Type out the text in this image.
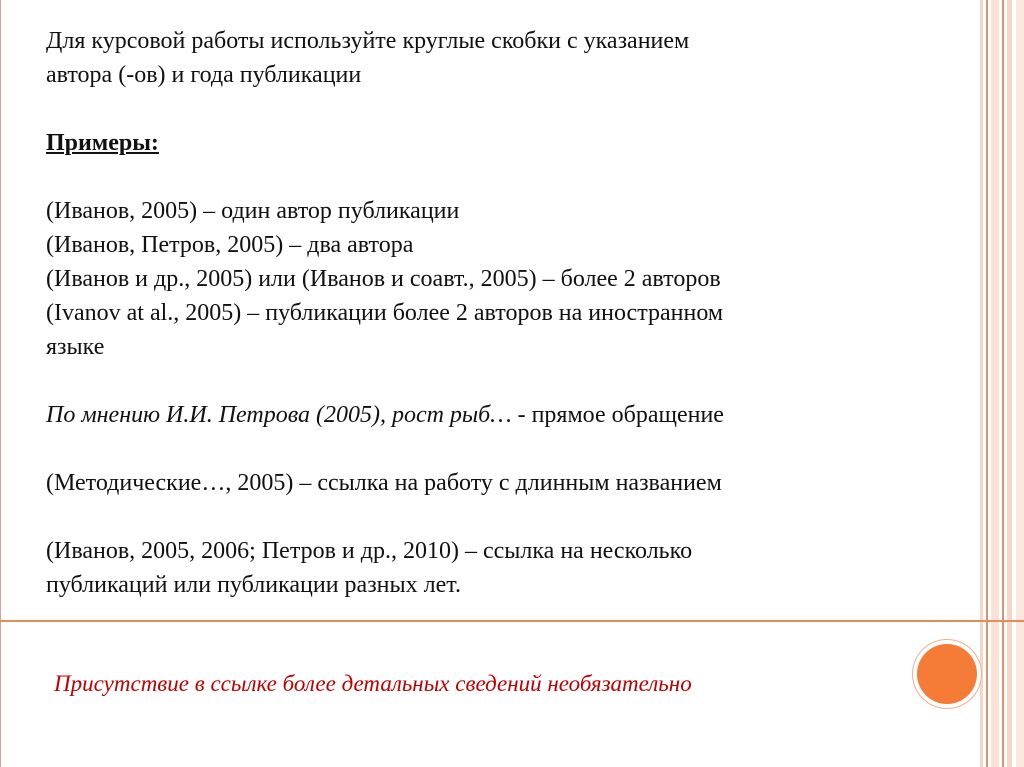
Для курсовой работы используйте круглые скобки с указанием

автора (-ов) и года публикации

Примеры:

(Иванов, 2005) – один автор публикации

(Иванов, Петров, 2005) – два автора

(Иванов и др., 2005) или (Иванов и соавт., 2005) – более 2 авторов

(Ivanov at al., 2005) – публикации более 2 авторов на иностранном

языке

По мнению И.И. Петрова (2005), рост рыб… - прямое обращение

(Методические…, 2005) – ссылка на работу с длинным названием

(Иванов, 2005, 2006; Петров и др., 2010) – ссылка на несколько

публикаций или публикации разных лет.

Присутствие в ссылке более детальных сведений необязательно
